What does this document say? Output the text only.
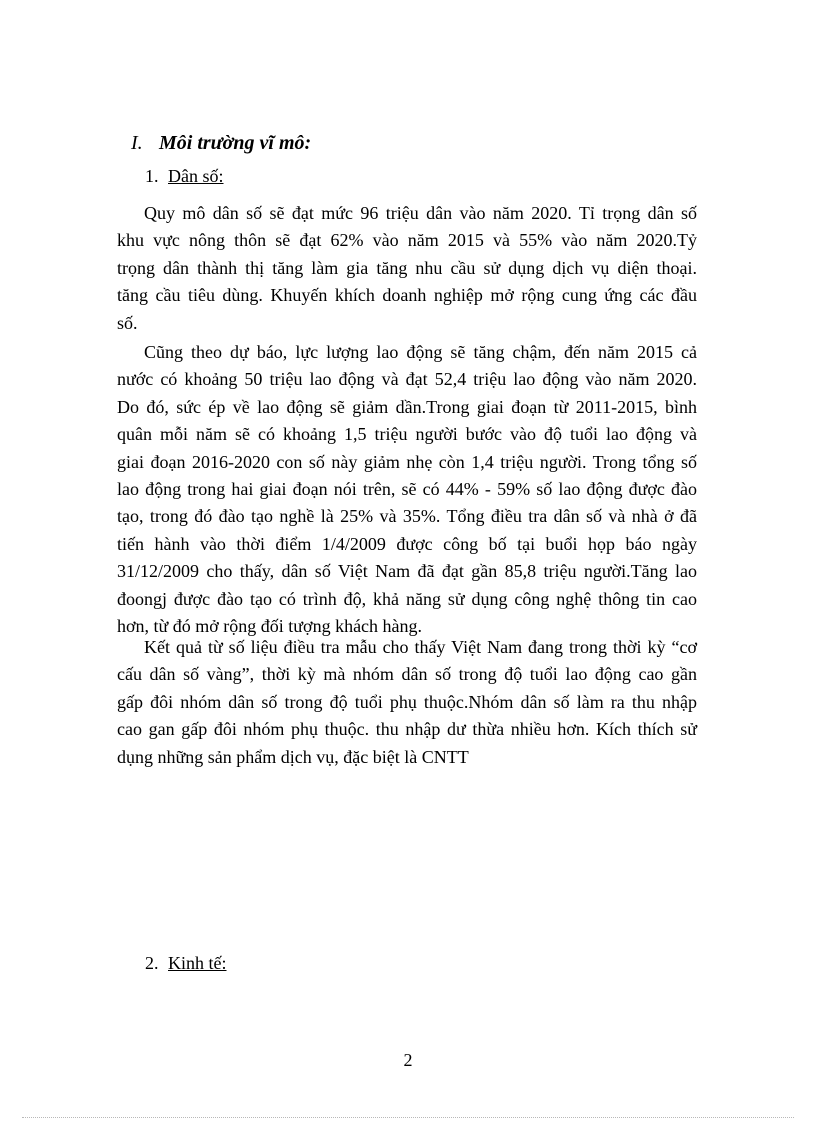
I. Môi trường vĩ mô:
1. Dân số:
Quy mô dân số sẽ đạt mức 96 triệu dân vào năm 2020. Tỉ trọng dân số
khu vực nông thôn sẽ đạt 62% vào năm 2015 và 55% vào năm 2020.Tỷ
trọng dân thành thị tăng làm gia tăng nhu cầu sử dụng dịch vụ diện thoại.
tăng cầu tiêu dùng. Khuyến khích doanh nghiệp mở rộng cung ứng các đầu
số.
Cũng theo dự báo, lực lượng lao động sẽ tăng chậm, đến năm 2015 cả
nước có khoảng 50 triệu lao động và đạt 52,4 triệu lao động vào năm 2020.
Do đó, sức ép về lao động sẽ giảm dần.Trong giai đoạn từ 2011-2015, bình
quân mỗi năm sẽ có khoảng 1,5 triệu người bước vào độ tuổi lao động và
giai đoạn 2016-2020 con số này giảm nhẹ còn 1,4 triệu người. Trong tổng số
lao động trong hai giai đoạn nói trên, sẽ có 44% - 59% số lao động được đào
tạo, trong đó đào tạo nghề là 25% và 35%. Tổng điều tra dân số và nhà ở đã
tiến hành vào thời điểm 1/4/2009 được công bố tại buổi họp báo ngày
31/12/2009 cho thấy, dân số Việt Nam đã đạt gần 85,8 triệu người.Tăng lao
đoongj được đào tạo có trình độ, khả năng sử dụng công nghệ thông tin cao
hơn, từ đó mở rộng đối tượng khách hàng.
Kết quả từ số liệu điều tra mẫu cho thấy Việt Nam đang trong thời kỳ “cơ
cấu dân số vàng”, thời kỳ mà nhóm dân số trong độ tuổi lao động cao gần
gấp đôi nhóm dân số trong độ tuổi phụ thuộc.Nhóm dân số làm ra thu nhập
cao gan gấp đôi nhóm phụ thuộc. thu nhập dư thừa nhiều hơn. Kích thích sử
dụng những sản phẩm dịch vụ, đặc biệt là CNTT
2. Kinh tế:
2
